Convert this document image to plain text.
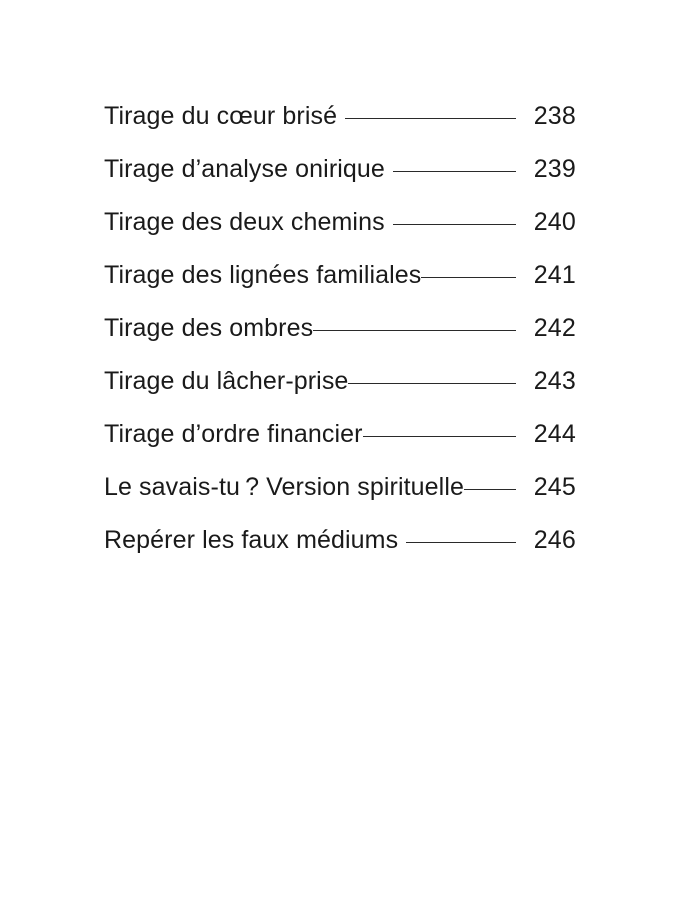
Tirage du cœur brisé	238
Tirage d’analyse onirique	239
Tirage des deux chemins	240
Tirage des lignées familiales	241
Tirage des ombres	242
Tirage du lâcher-prise	243
Tirage d’ordre financier	244
Le savais-tu ? Version spirituelle	245
Repérer les faux médiums	246
